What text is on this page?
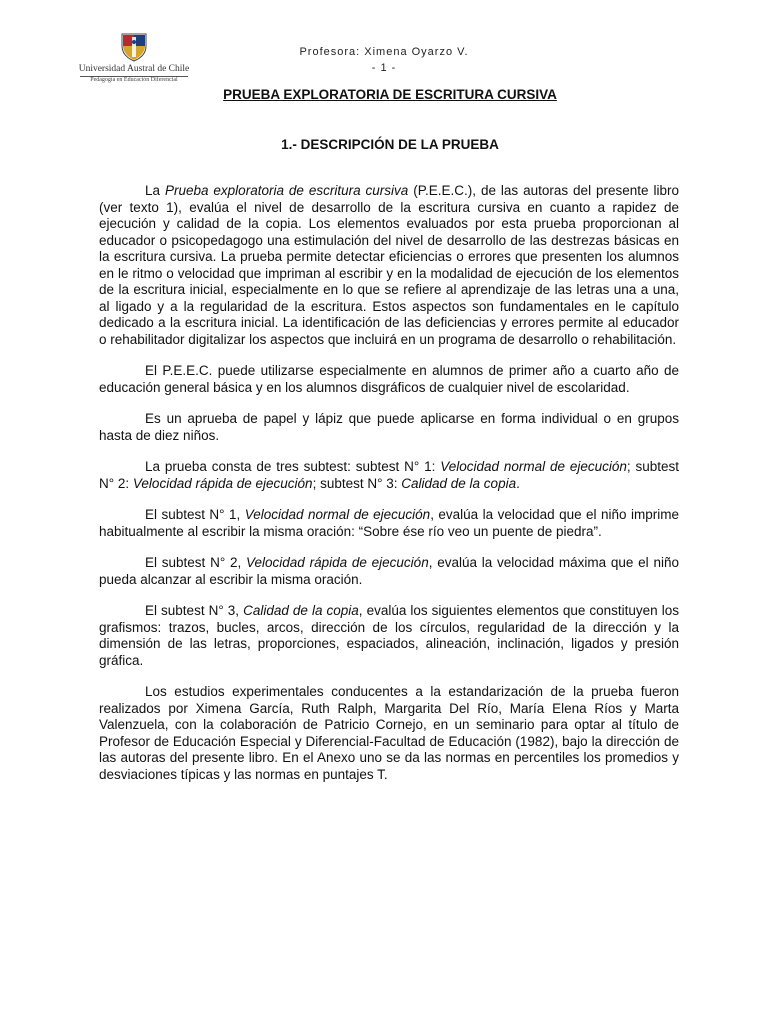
Universidad Austral de Chile
Pedagogía en Educación Diferencial
Profesora: Ximena Oyarzo V.
- 1 -
PRUEBA EXPLORATORIA DE ESCRITURA CURSIVA
1.- DESCRIPCIÓN DE LA PRUEBA

La Prueba exploratoria de escritura cursiva (P.E.E.C.), de las autoras del presente libro (ver texto 1), evalúa el nivel de desarrollo de la escritura cursiva en cuanto a rapidez de ejecución y calidad de la copia. Los elementos evaluados por esta prueba proporcionan al educador o psicopedagogo una estimulación del nivel de desarrollo de las destrezas básicas en la escritura cursiva. La prueba permite detectar eficiencias o errores que presenten los alumnos en le ritmo o velocidad que impriman al escribir y en la modalidad de ejecución de los elementos de la escritura inicial, especialmente en lo que se refiere al aprendizaje de las letras una a una, al ligado y a la regularidad de la escritura. Estos aspectos son fundamentales en le capítulo dedicado a la escritura inicial. La identificación de las deficiencias y errores permite al educador o rehabilitador digitalizar los aspectos que incluirá en un programa de desarrollo o rehabilitación.

El P.E.E.C. puede utilizarse especialmente en alumnos de primer año a cuarto año de educación general básica y en los alumnos disgráficos de cualquier nivel de escolaridad.

Es un aprueba de papel y lápiz que puede aplicarse en forma individual o en grupos hasta de diez niños.

La prueba consta de tres subtest: subtest N° 1: Velocidad normal de ejecución; subtest N° 2: Velocidad rápida de ejecución; subtest N° 3: Calidad de la copia.

El subtest N° 1, Velocidad normal de ejecución, evalúa la velocidad que el niño imprime habitualmente al escribir la misma oración: “Sobre ése río veo un puente de piedra”.

El subtest N° 2, Velocidad rápida de ejecución, evalúa la velocidad máxima que el niño pueda alcanzar al escribir la misma oración.

El subtest N° 3, Calidad de la copia, evalúa los siguientes elementos que constituyen los grafismos: trazos, bucles, arcos, dirección de los círculos, regularidad de la dirección y la dimensión de las letras, proporciones, espaciados, alineación, inclinación, ligados y presión gráfica.

Los estudios experimentales conducentes a la estandarización de la prueba fueron realizados por Ximena García, Ruth Ralph, Margarita Del Río, María Elena Ríos y Marta Valenzuela, con la colaboración de Patricio Cornejo, en un seminario para optar al título de Profesor de Educación Especial y Diferencial-Facultad de Educación (1982), bajo la dirección de las autoras del presente libro. En el Anexo uno se da las normas en percentiles los promedios y desviaciones típicas y las normas en puntajes T.
